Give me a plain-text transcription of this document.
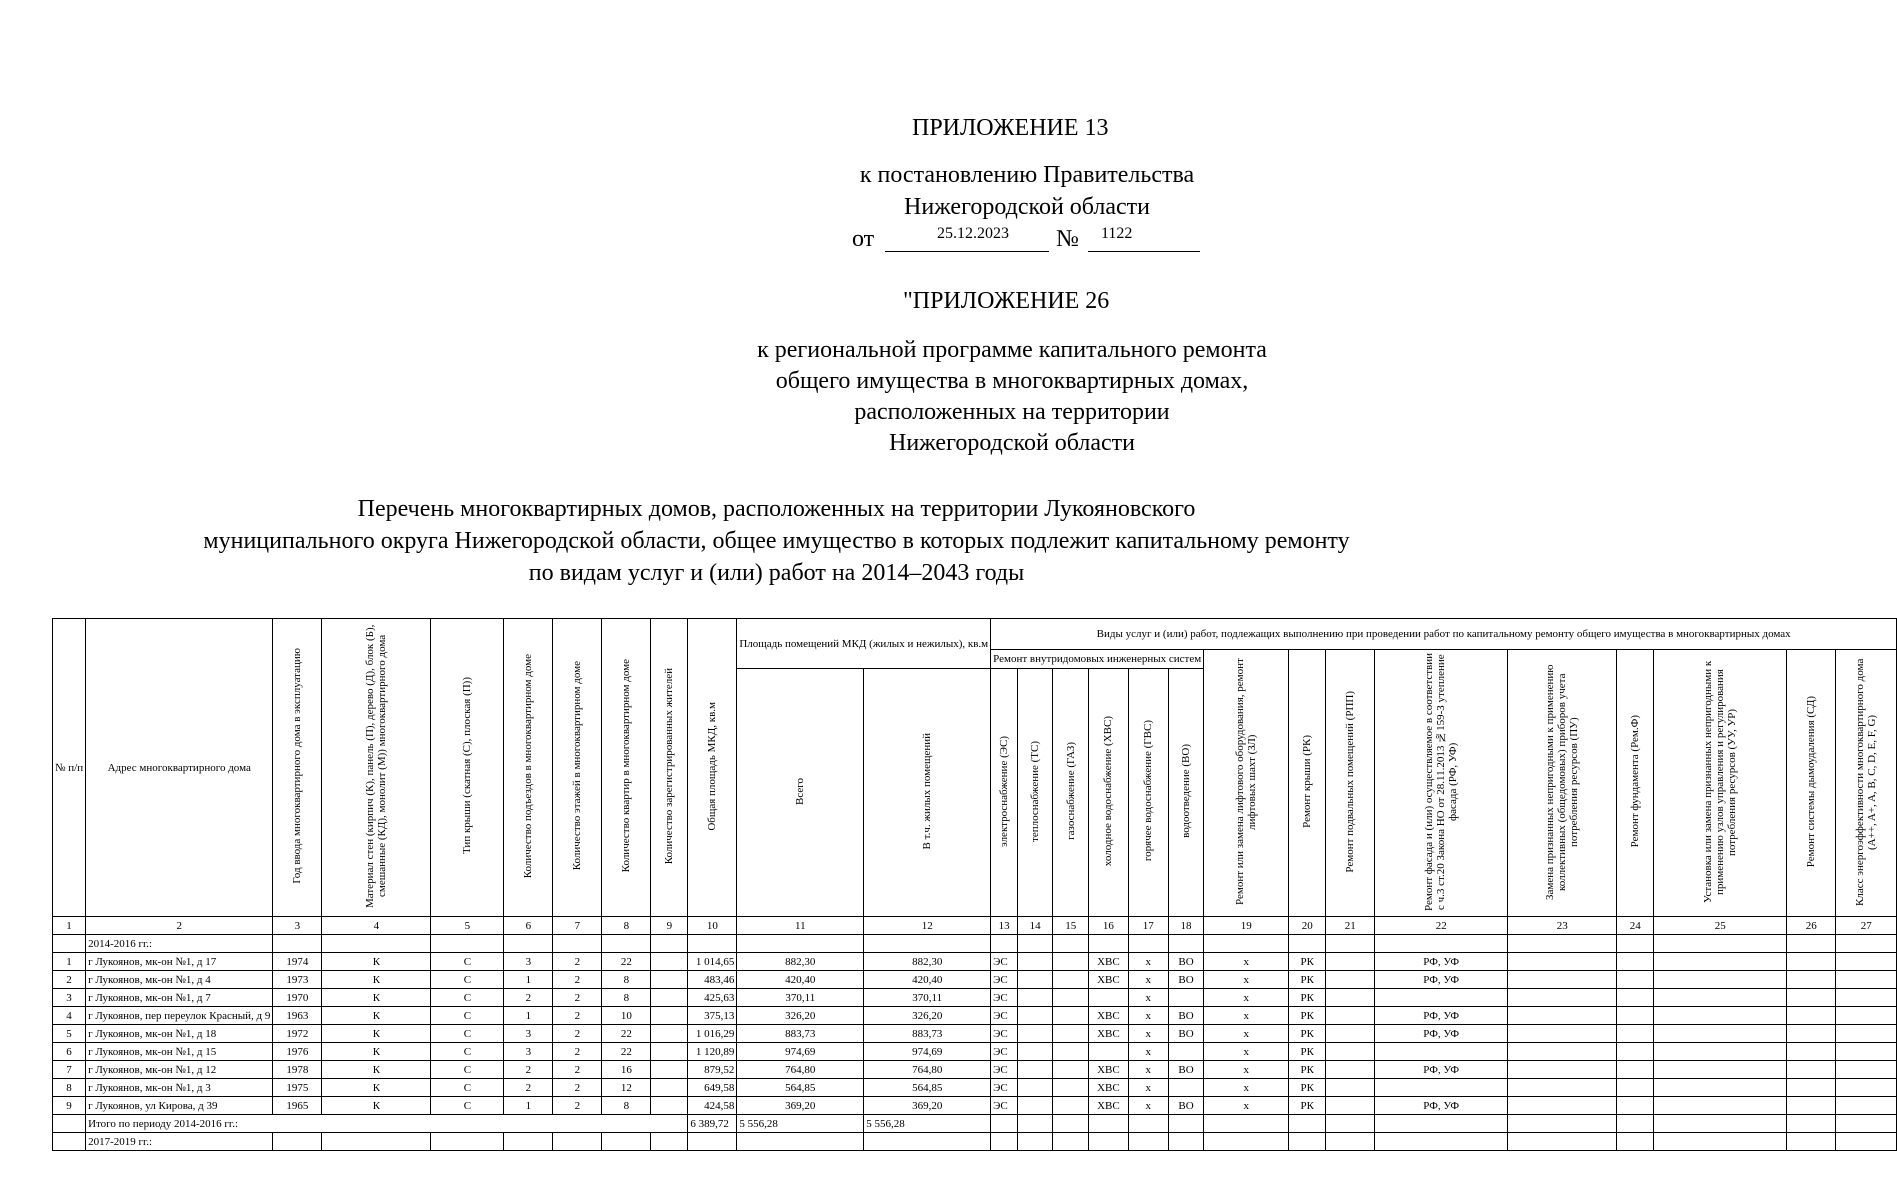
ПРИЛОЖЕНИЕ 13
к постановлению Правительства
Нижегородской области
от	25.12.2023 № 1122
"ПРИЛОЖЕНИЕ 26
к региональной программе капитального ремонта
общего имущества в многоквартирных домах,
расположенных на территории
Нижегородской области
Перечень многоквартирных домов, расположенных на территории Лукояновского
муниципального округа Нижегородской области, общее имущество в которых подлежит капитальному ремонту
по видам услуг и (или) работ на 2014–2043 годы
№ п/п	Адрес многоквартирного дома	Год ввода многоквартирного дома в эксплуатацию	Материал стен (кирпич (К), панель (П), дерево (Д), блок (Б), смешанные (КД), монолит (М)) многоквартирного дома	Тип крыши (скатная (С), плоская (П))	Количество подъездов в многоквартирном доме	Количество этажей в многоквартирном доме	Количество квартир в многоквартирном доме	Количество зарегистрированных жителей	Общая площадь МКД, кв.м	Площадь помещений МКД (жилых и нежилых), кв.м		Виды услуг и (или) работ, подлежащих выполнению при проведении работ по капитальному ремонту общего имущества в многоквартирных домах														
												Ремонт внутридомовых инженерных систем						Ремонт или замена лифтового оборудования, ремонт лифтовых шахт (ЗЛ)	Ремонт крыши (РК)	Ремонт подвальных помещений (РПП)	Ремонт фасада и (или) осуществляемое в соответствии с ч.3 ст.20 Закона НО от 28.11.2013 №159-З утепление фасада (РФ, УФ)	Замена признанных непригодными к применению коллективных (общедомовых) приборов учета потребления ресурсов (ПУ)	Ремонт фундамента (Рем.Ф)	Установка или замена признанных непригодными к применению узлов управления и регулирования потребления ресурсов (УУ, УР)	Ремонт системы дымоудаления (СД)	Класс энергоэффективности многоквартирного дома (A++, A+, A, B, C, D, E, F, G)
												электроснабжение (ЭС)	теплоснабжение (ТС)	газоснабжение (ГАЗ)	холодное водоснабжение (ХВС)	горячее водоснабжение (ГВС)	водоотведение (ВО)									
										Всего	В т.ч. жилых помещений															
1	2	3	4	5	6	7	8	9	10	11	12	13	14	15	16	17	18	19	20	21	22	23	24	25	26	27
	2014-2016 гг.:																									
1	г Лукоянов, мк-он №1, д 17	1974	К	С	3	2	22		1 014,65	882,30	882,30	ЭС			ХВС	х	ВО	х	РК		РФ, УФ					
2	г Лукоянов, мк-он №1, д 4	1973	К	С	1	2	8		483,46	420,40	420,40	ЭС			ХВС	х	ВО	х	РК		РФ, УФ					
3	г Лукоянов, мк-он №1, д 7	1970	К	С	2	2	8		425,63	370,11	370,11	ЭС				х		х	РК							
4	г Лукоянов, пер переулок Красный, д 9	1963	К	С	1	2	10		375,13	326,20	326,20	ЭС			ХВС	х	ВО	х	РК		РФ, УФ					
5	г Лукоянов, мк-он №1, д 18	1972	К	С	3	2	22		1 016,29	883,73	883,73	ЭС			ХВС	х	ВО	х	РК		РФ, УФ					
6	г Лукоянов, мк-он №1, д 15	1976	К	С	3	2	22		1 120,89	974,69	974,69	ЭС				х		х	РК							
7	г Лукоянов, мк-он №1, д 12	1978	К	С	2	2	16		879,52	764,80	764,80	ЭС			ХВС	х	ВО	х	РК		РФ, УФ					
8	г Лукоянов, мк-он №1, д 3	1975	К	С	2	2	12		649,58	564,85	564,85	ЭС			ХВС	х		х	РК							
9	г Лукоянов, ул Кирова, д 39	1965	К	С	1	2	8		424,58	369,20	369,20	ЭС			ХВС	х	ВО	х	РК		РФ, УФ					
	Итого по периоду 2014-2016 гг.:								6 389,72	5 556,28	5 556,28															
	2017-2019 гг.:																									
